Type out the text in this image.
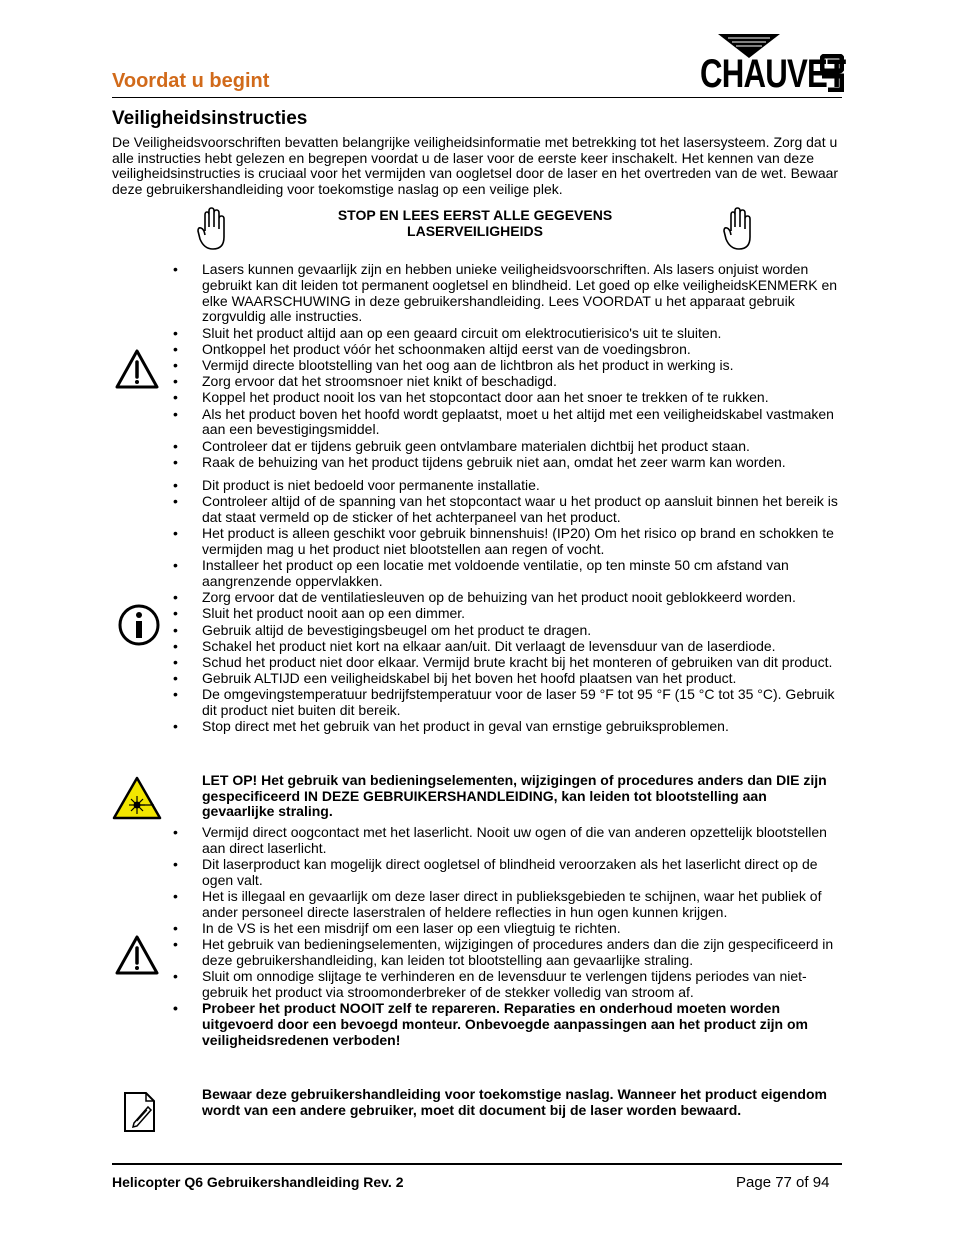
Voordat u begint	CHAUVET
Veiligheidsinstructies
De Veiligheidsvoorschriften bevatten belangrijke veiligheidsinformatie met betrekking tot het lasersysteem. Zorg dat u alle instructies hebt gelezen en begrepen voordat u de laser voor de eerste keer inschakelt. Het kennen van deze veiligheidsinstructies is cruciaal voor het vermijden van oogletsel door de laser en het overtreden van de wet. Bewaar deze gebruikershandleiding voor toekomstige naslag op een veilige plek.
STOP EN LEES EERST ALLE GEGEVENS
LASERVEILIGHEIDS
• Lasers kunnen gevaarlijk zijn en hebben unieke veiligheidsvoorschriften. Als lasers onjuist worden gebruikt kan dit leiden tot permanent oogletsel en blindheid. Let goed op elke veiligheidsKENMERK en elke WAARSCHUWING in deze gebruikershandleiding. Lees VOORDAT u het apparaat gebruik zorgvuldig alle instructies.
• Sluit het product altijd aan op een geaard circuit om elektrocutierisico's uit te sluiten.
• Ontkoppel het product vóór het schoonmaken altijd eerst van de voedingsbron.
• Vermijd directe blootstelling van het oog aan de lichtbron als het product in werking is.
• Zorg ervoor dat het stroomsnoer niet knikt of beschadigd.
• Koppel het product nooit los van het stopcontact door aan het snoer te trekken of te rukken.
• Als het product boven het hoofd wordt geplaatst, moet u het altijd met een veiligheidskabel vastmaken aan een bevestigingsmiddel.
• Controleer dat er tijdens gebruik geen ontvlambare materialen dichtbij het product staan.
• Raak de behuizing van het product tijdens gebruik niet aan, omdat het zeer warm kan worden.
• Dit product is niet bedoeld voor permanente installatie.
• Controleer altijd of de spanning van het stopcontact waar u het product op aansluit binnen het bereik is dat staat vermeld op de sticker of het achterpaneel van het product.
• Het product is alleen geschikt voor gebruik binnenshuis! (IP20) Om het risico op brand en schokken te vermijden mag u het product niet blootstellen aan regen of vocht.
• Installeer het product op een locatie met voldoende ventilatie, op ten minste 50 cm afstand van aangrenzende oppervlakken.
• Zorg ervoor dat de ventilatiesleuven op de behuizing van het product nooit geblokkeerd worden.
• Sluit het product nooit aan op een dimmer.
• Gebruik altijd de bevestigingsbeugel om het product te dragen.
• Schakel het product niet kort na elkaar aan/uit. Dit verlaagt de levensduur van de laserdiode.
• Schud het product niet door elkaar. Vermijd brute kracht bij het monteren of gebruiken van dit product.
• Gebruik ALTIJD een veiligheidskabel bij het boven het hoofd plaatsen van het product.
• De omgevingstemperatuur bedrijfstemperatuur voor de laser 59 °F tot 95 °F (15 °C tot 35 °C). Gebruik dit product niet buiten dit bereik.
• Stop direct met het gebruik van het product in geval van ernstige gebruiksproblemen.
LET OP! Het gebruik van bedieningselementen, wijzigingen of procedures anders dan DIE zijn gespecificeerd IN DEZE GEBRUIKERSHANDLEIDING, kan leiden tot blootstelling aan gevaarlijke straling.
• Vermijd direct oogcontact met het laserlicht. Nooit uw ogen of die van anderen opzettelijk blootstellen aan direct laserlicht.
• Dit laserproduct kan mogelijk direct oogletsel of blindheid veroorzaken als het laserlicht direct op de ogen valt.
• Het is illegaal en gevaarlijk om deze laser direct in publieksgebieden te schijnen, waar het publiek of ander personeel directe laserstralen of heldere reflecties in hun ogen kunnen krijgen.
• In de VS is het een misdrijf om een laser op een vliegtuig te richten.
• Het gebruik van bedieningselementen, wijzigingen of procedures anders dan die zijn gespecificeerd in deze gebruikershandleiding, kan leiden tot blootstelling aan gevaarlijke straling.
• Sluit om onnodige slijtage te verhinderen en de levensduur te verlengen tijdens periodes van niet-gebruik het product via stroomonderbreker of de stekker volledig van stroom af.
• Probeer het product NOOIT zelf te repareren. Reparaties en onderhoud moeten worden uitgevoerd door een bevoegd monteur. Onbevoegde aanpassingen aan het product zijn om veiligheidsredenen verboden!
Bewaar deze gebruikershandleiding voor toekomstige naslag. Wanneer het product eigendom wordt van een andere gebruiker, moet dit document bij de laser worden bewaard.
Helicopter Q6 Gebruikershandleiding Rev. 2	Page 77 of 94
